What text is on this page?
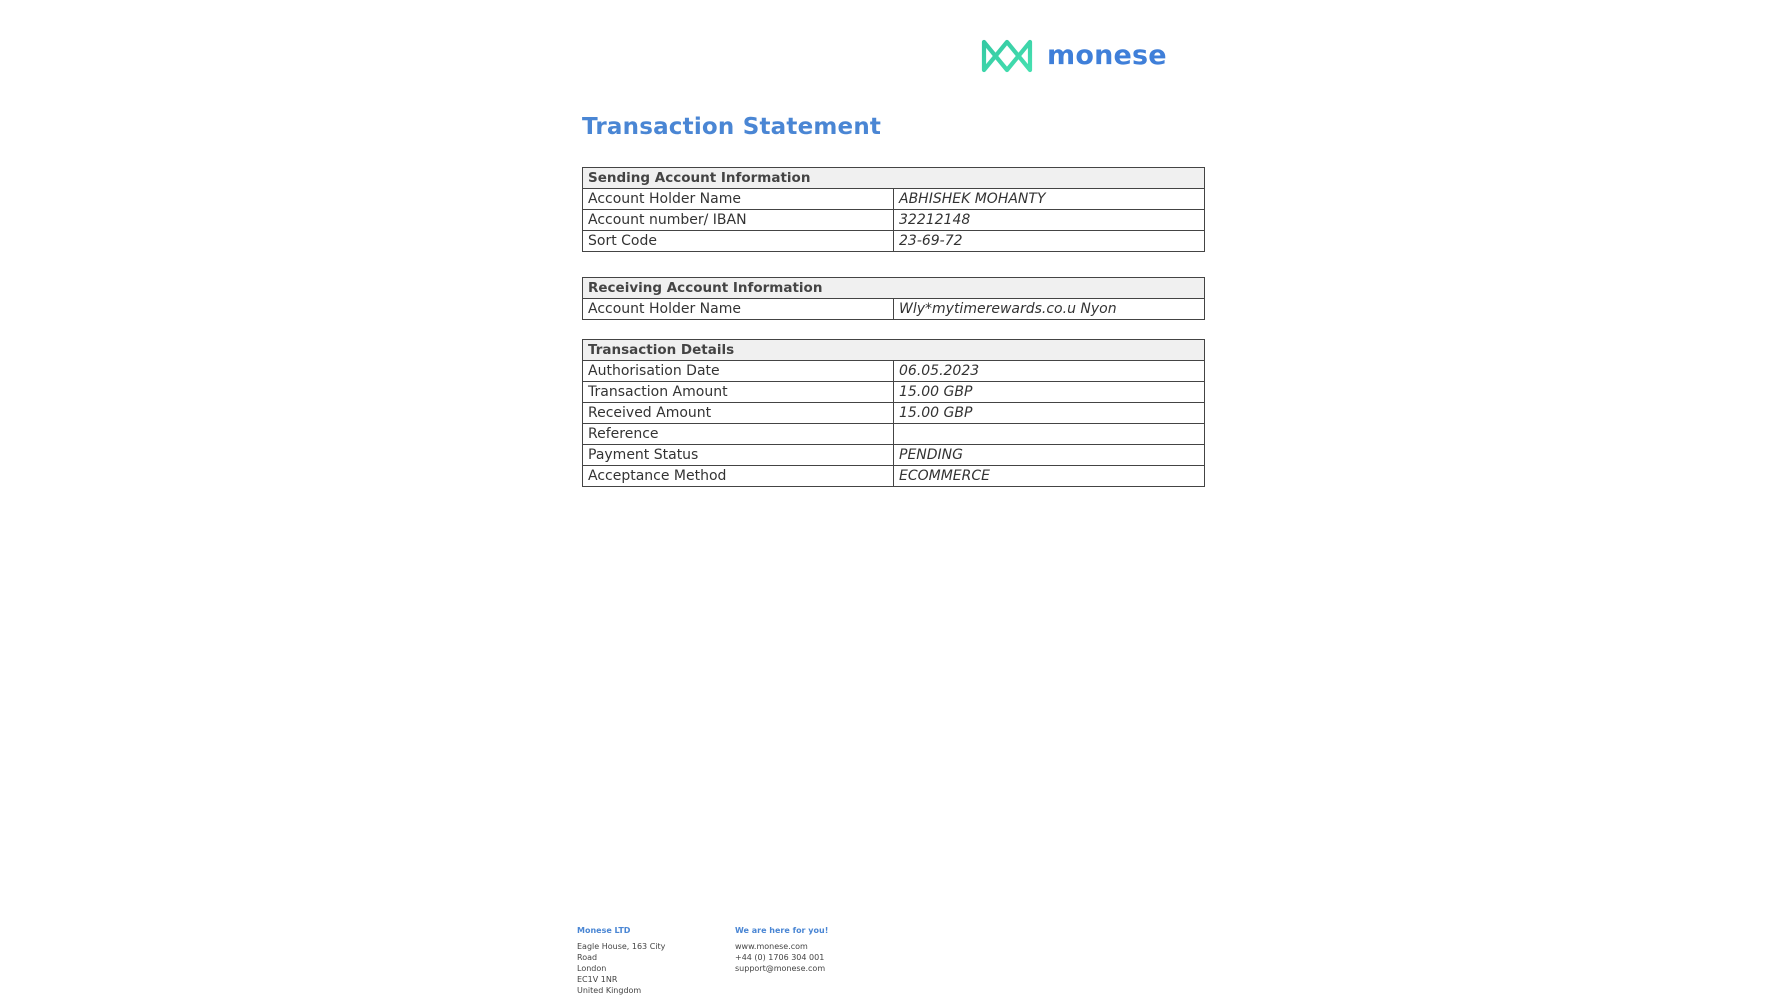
monese
Transaction Statement
Sending Account Information	
Account Holder Name	ABHISHEK MOHANTY
Account number/ IBAN	32212148
Sort Code	23-69-72
Receiving Account Information
Account Holder Name	Wly*mytimerewards.co.u Nyon
Transaction Details	
Authorisation Date	06.05.2023
Transaction Amount	15.00 GBP
Received Amount	15.00 GBP
Reference	
Payment Status	PENDING
Acceptance Method	ECOMMERCE
Monese LTD
Eagle House, 163 City
Road
London
EC1V 1NR
United Kingdom
We are here for you!
www.monese.com
+44 (0) 1706 304 001
support@monese.com
